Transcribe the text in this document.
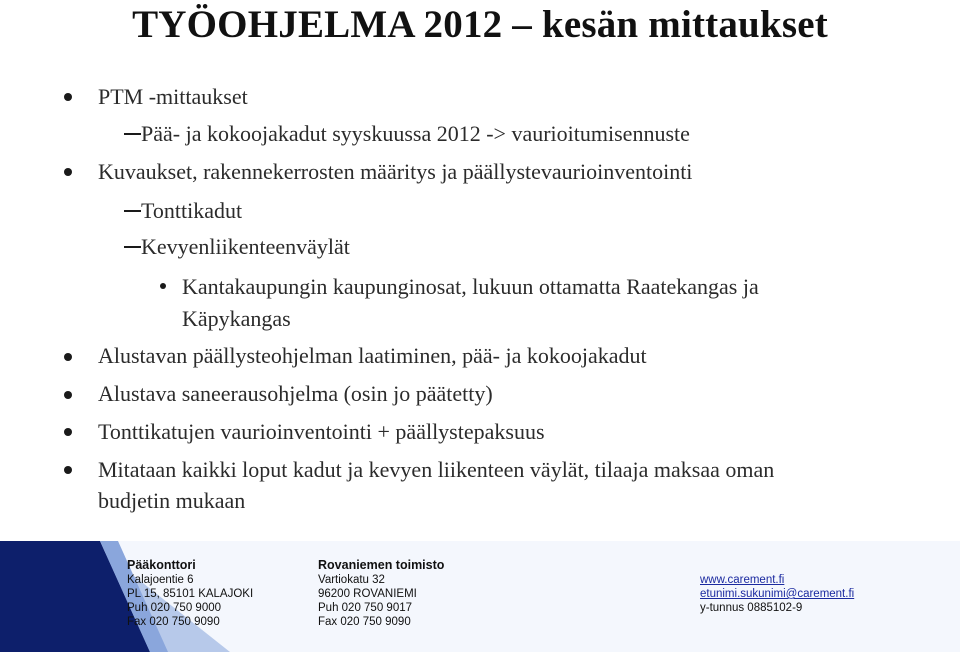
TYÖOHJELMA 2012 – kesän mittaukset
PTM -mittaukset
Pää- ja kokoojakadut syyskuussa 2012 -> vaurioitumisennuste
Kuvaukset, rakennekerrosten määritys ja päällystevaurioinventointi
Tonttikadut
Kevyenliikenteenväylät
Kantakaupungin kaupunginosat, lukuun ottamatta Raatekangas ja
Käpykangas
Alustavan päällysteohjelman laatiminen, pää- ja kokoojakadut
Alustava saneerausohjelma (osin jo päätetty)
Tonttikatujen vaurioinventointi + päällystepaksuus
Mitataan kaikki loput kadut ja kevyen liikenteen väylät, tilaaja maksaa oman
budjetin mukaan
Pääkonttori
Kalajoentie 6
PL 15, 85101 KALAJOKI
Puh 020 750 9000
Fax 020 750 9090
Rovaniemen toimisto
Vartiokatu 32
96200 ROVANIEMI
Puh 020 750 9017
Fax 020 750 9090
www.carement.fi
etunimi.sukunimi@carement.fi
y-tunnus 0885102-9
